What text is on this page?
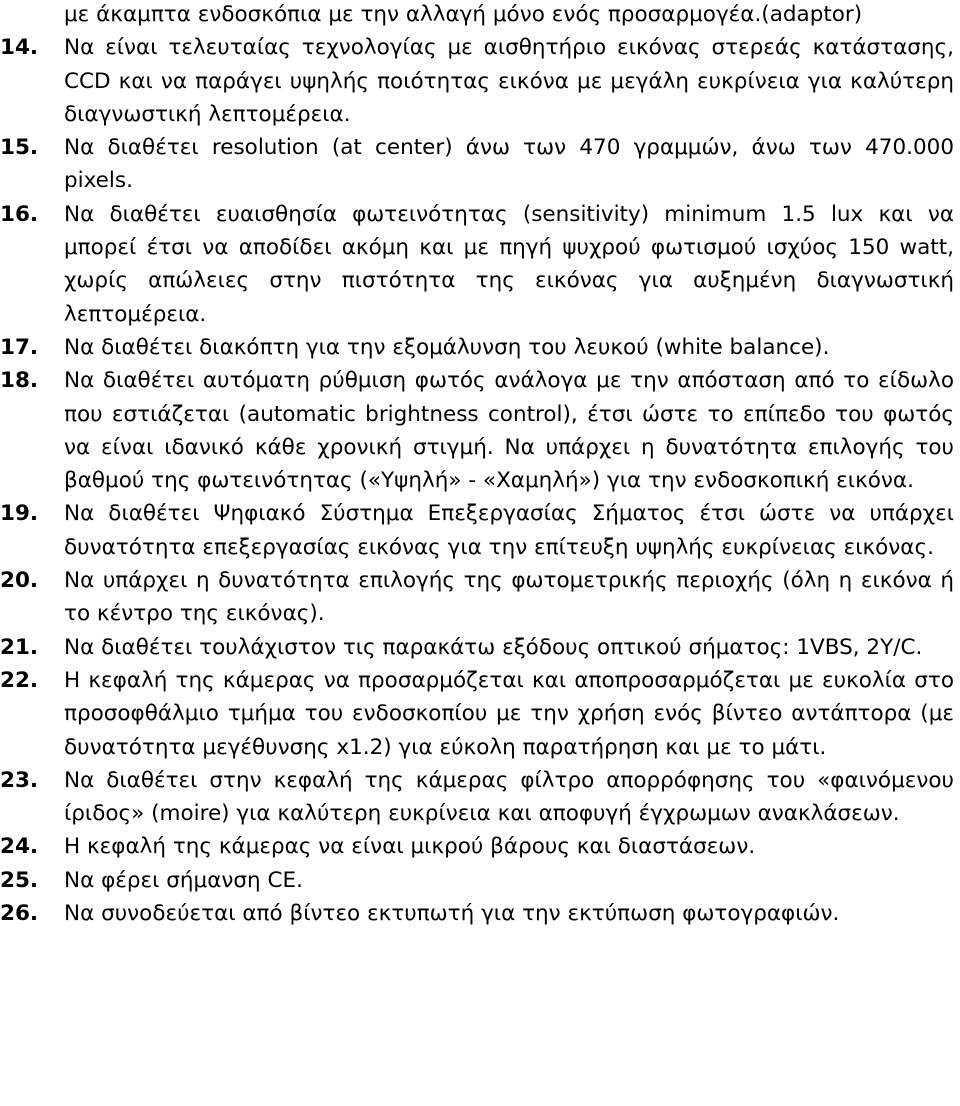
με άκαμπτα ενδοσκόπια με την αλλαγή μόνο ενός προσαρμογέα.(adaptor)

14.	Να είναι τελευταίας τεχνολογίας με αισθητήριο εικόνας στερεάς κατάστασης, CCD και να παράγει υψηλής ποιότητας εικόνα με μεγάλη ευκρίνεια για καλύτερη διαγνωστική λεπτομέρεια.

15.	Να διαθέτει resolution (at center) άνω των 470 γραμμών, άνω των 470.000 pixels.

16.	Να διαθέτει ευαισθησία φωτεινότητας (sensitivity) minimum 1.5 lux και να μπορεί έτσι να αποδίδει ακόμη και με πηγή ψυχρού φωτισμού ισχύος 150 watt, χωρίς απώλειες στην πιστότητα της εικόνας για αυξημένη διαγνωστική λεπτομέρεια.

17.	Να διαθέτει διακόπτη για την εξομάλυνση του λευκού (white balance).

18.	Να διαθέτει αυτόματη ρύθμιση φωτός ανάλογα με την απόσταση από το είδωλο που εστιάζεται (automatic brightness control), έτσι ώστε το επίπεδο του φωτός να είναι ιδανικό κάθε χρονική στιγμή. Να υπάρχει η δυνατότητα επιλογής του βαθμού της φωτεινότητας («Υψηλή» - «Χαμηλή») για την ενδοσκοπική εικόνα.

19.	Να διαθέτει Ψηφιακό Σύστημα Επεξεργασίας Σήματος έτσι ώστε να υπάρχει δυνατότητα επεξεργασίας εικόνας για την επίτευξη υψηλής ευκρίνειας εικόνας.

20.	Να υπάρχει η δυνατότητα επιλογής της φωτομετρικής περιοχής (όλη η εικόνα ή το κέντρο της εικόνας).

21.	Να διαθέτει τουλάχιστον τις παρακάτω εξόδους οπτικού σήματος: 1VBS, 2Y/C.

22.	Η κεφαλή της κάμερας να προσαρμόζεται και αποπροσαρμόζεται με ευκολία στο προσοφθάλμιο τμήμα του ενδοσκοπίου με την χρήση ενός βίντεο αντάπτορα (με δυνατότητα μεγέθυνσης x1.2) για εύκολη παρατήρηση και με το μάτι.

23.	Να διαθέτει στην κεφαλή της κάμερας φίλτρο απορρόφησης του «φαινόμενου ίριδος» (moire) για καλύτερη ευκρίνεια και αποφυγή έγχρωμων ανακλάσεων.

24.	Η κεφαλή της κάμερας να είναι μικρού βάρους και διαστάσεων.

25.	Να φέρει σήμανση CE.

26.	Να συνοδεύεται από βίντεο εκτυπωτή για την εκτύπωση φωτογραφιών.
